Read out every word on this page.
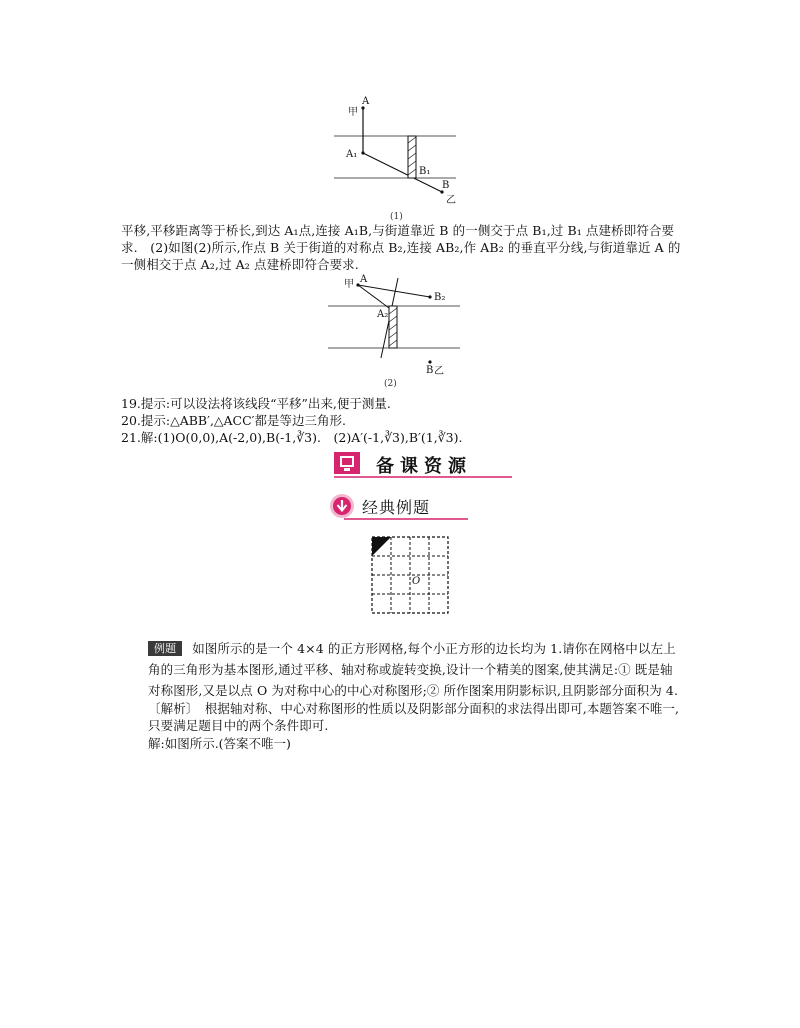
甲
A
A₁
B₁
B
乙
(1)
平移,平移距离等于桥长,到达 A₁点,连接 A₁B,与街道靠近 B 的一侧交于点 B₁,过 B₁ 点建桥即符合要求.　(2)如图(2)所示,作点 B 关于街道的对称点 B₂,连接 AB₂,作 AB₂ 的垂直平分线,与街道靠近 A 的一侧相交于点 A₂,过 A₂ 点建桥即符合要求.
甲 A
B₂
A₂
B 乙
(2)
19.提示:可以设法将该线段“平移”出来,便于测量.
20.提示:△ABB′,△ACC′都是等边三角形.
21.解:(1)O(0,0),A(-2,0),B(-1,∛3).　(2)A′(-1,∛3),B′(1,∛3).
备课资源
经典例题
O
例题 如图所示的是一个 4×4 的正方形网格,每个小正方形的边长均为 1.请你在网格中以左上角的三角形为基本图形,通过平移、轴对称或旋转变换,设计一个精美的图案,使其满足:① 既是轴对称图形,又是以点 O 为对称中心的中心对称图形;② 所作图案用阴影标识,且阴影部分面积为 4.
〔解析〕　根据轴对称、中心对称图形的性质以及阴影部分面积的求法得出即可,本题答案不唯一,只要满足题目中的两个条件即可.
解:如图所示.(答案不唯一)
